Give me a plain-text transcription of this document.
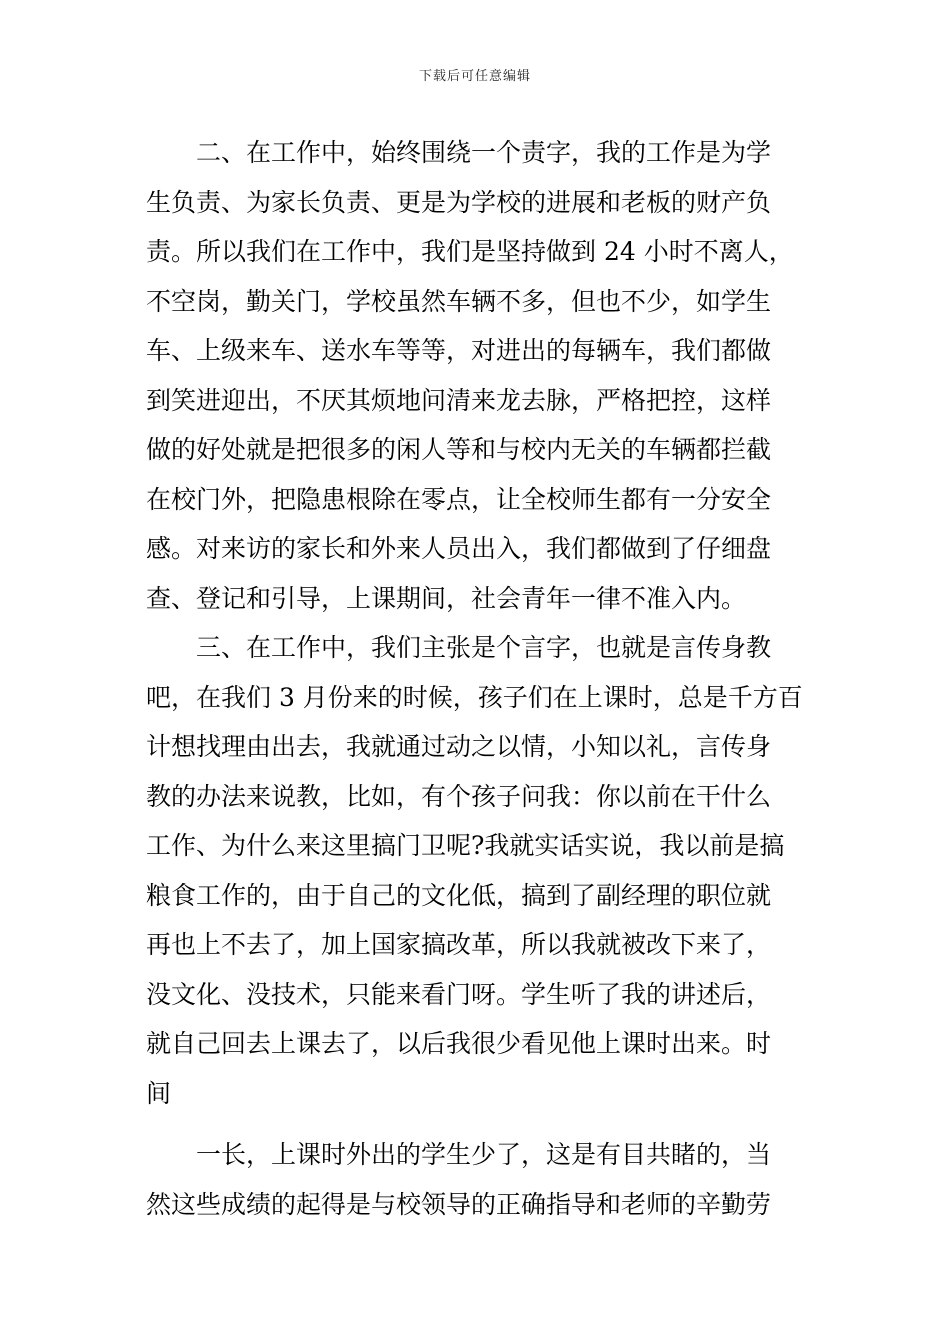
下载后可任意编辑
二、在工作中，始终围绕一个责字，我的工作是为学
生负责、为家长负责、更是为学校的进展和老板的财产负
责。所以我们在工作中，我们是坚持做到 24 小时不离人，
不空岗，勤关门，学校虽然车辆不多，但也不少，如学生
车、上级来车、送水车等等，对进出的每辆车，我们都做
到笑进迎出，不厌其烦地问清来龙去脉，严格把控，这样
做的好处就是把很多的闲人等和与校内无关的车辆都拦截
在校门外，把隐患根除在零点，让全校师生都有一分安全
感。对来访的家长和外来人员出入，我们都做到了仔细盘
查、登记和引导，上课期间，社会青年一律不准入内。
三、在工作中，我们主张是个言字，也就是言传身教
吧，在我们 3 月份来的时候，孩子们在上课时，总是千方百
计想找理由出去，我就通过动之以情，小知以礼，言传身
教的办法来说教，比如，有个孩子问我：你以前在干什么
工作、为什么来这里搞门卫呢?我就实话实说，我以前是搞
粮食工作的，由于自己的文化低，搞到了副经理的职位就
再也上不去了，加上国家搞改革，所以我就被改下来了，
没文化、没技术，只能来看门呀。学生听了我的讲述后，
就自己回去上课去了，以后我很少看见他上课时出来。时
间
一长，上课时外出的学生少了，这是有目共睹的，当
然这些成绩的起得是与校领导的正确指导和老师的辛勤劳
